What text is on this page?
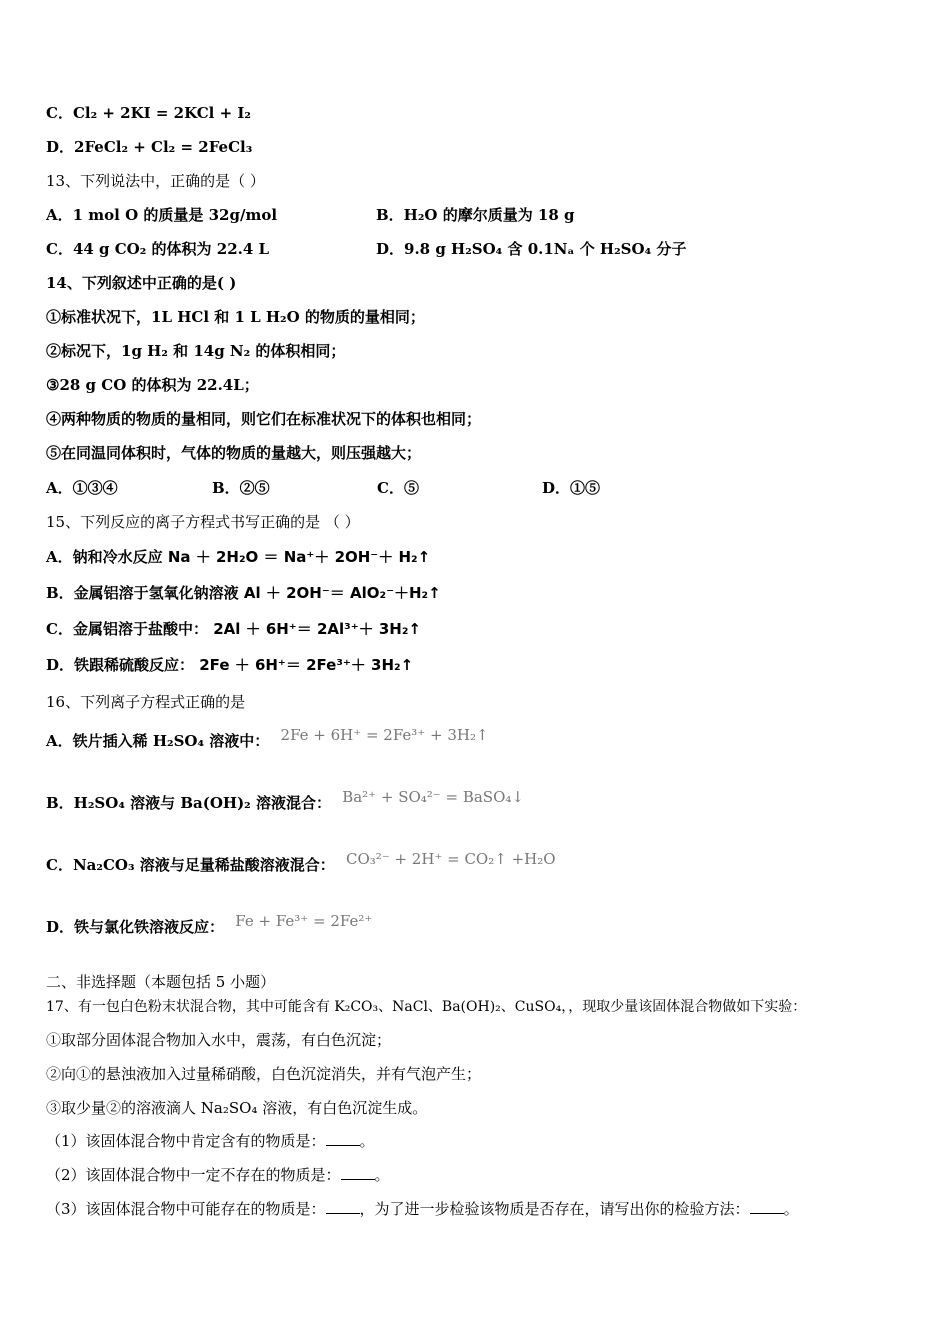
C．Cl₂ + 2KI = 2KCl + I₂
D．2FeCl₂ + Cl₂ = 2FeCl₃
13、下列说法中，正确的是（ ）
A．1 mol O 的质量是 32g/mol	B．H₂O 的摩尔质量为 18 g
C．44 g CO₂ 的体积为 22.4 L	D．9.8 g H₂SO₄ 含 0.1Nₐ 个 H₂SO₄ 分子
14、下列叙述中正确的是( )
①标准状况下，1L HCl 和 1 L H₂O 的物质的量相同；
②标况下，1g H₂ 和 14g N₂ 的体积相同；
③28 g CO 的体积为 22.4L；
④两种物质的物质的量相同，则它们在标准状况下的体积也相同；
⑤在同温同体积时，气体的物质的量越大，则压强越大；
A．①③④	B．②⑤	C．⑤	D．①⑤
15、下列反应的离子方程式书写正确的是 （ ）
A．钠和冷水反应 Na ＋ 2H₂O ＝ Na⁺＋ 2OH⁻＋ H₂↑
B．金属铝溶于氢氧化钠溶液 Al ＋ 2OH⁻＝ AlO₂⁻＋H₂↑
C．金属铝溶于盐酸中： 2Al ＋ 6H⁺＝ 2Al³⁺＋ 3H₂↑
D．铁跟稀硫酸反应： 2Fe ＋ 6H⁺＝ 2Fe³⁺＋ 3H₂↑
16、下列离子方程式正确的是
A．铁片插入稀 H₂SO₄ 溶液中： 2Fe + 6H⁺ = 2Fe³⁺ + 3H₂↑
B．H₂SO₄ 溶液与 Ba(OH)₂ 溶液混合： Ba²⁺ + SO₄²⁻ = BaSO₄↓
C．Na₂CO₃ 溶液与足量稀盐酸溶液混合： CO₃²⁻ + 2H⁺ = CO₂↑ +H₂O
D．铁与氯化铁溶液反应： Fe + Fe³⁺ = 2Fe²⁺
二、非选择题（本题包括 5 小题）
17、有一包白色粉末状混合物，其中可能含有 K₂CO₃、NaCl、Ba(OH)₂、CuSO₄，，现取少量该固体混合物做如下实验：
①取部分固体混合物加入水中，震荡，有白色沉淀；
②向①的悬浊液加入过量稀硝酸，白色沉淀消失，并有气泡产生；
③取少量②的溶液滴人 Na₂SO₄ 溶液，有白色沉淀生成。
（1）该固体混合物中肯定含有的物质是： 。
（2）该固体混合物中一定不存在的物质是： 。
（3）该固体混合物中可能存在的物质是： ，为了进一步检验该物质是否存在，请写出你的检验方法： 。
